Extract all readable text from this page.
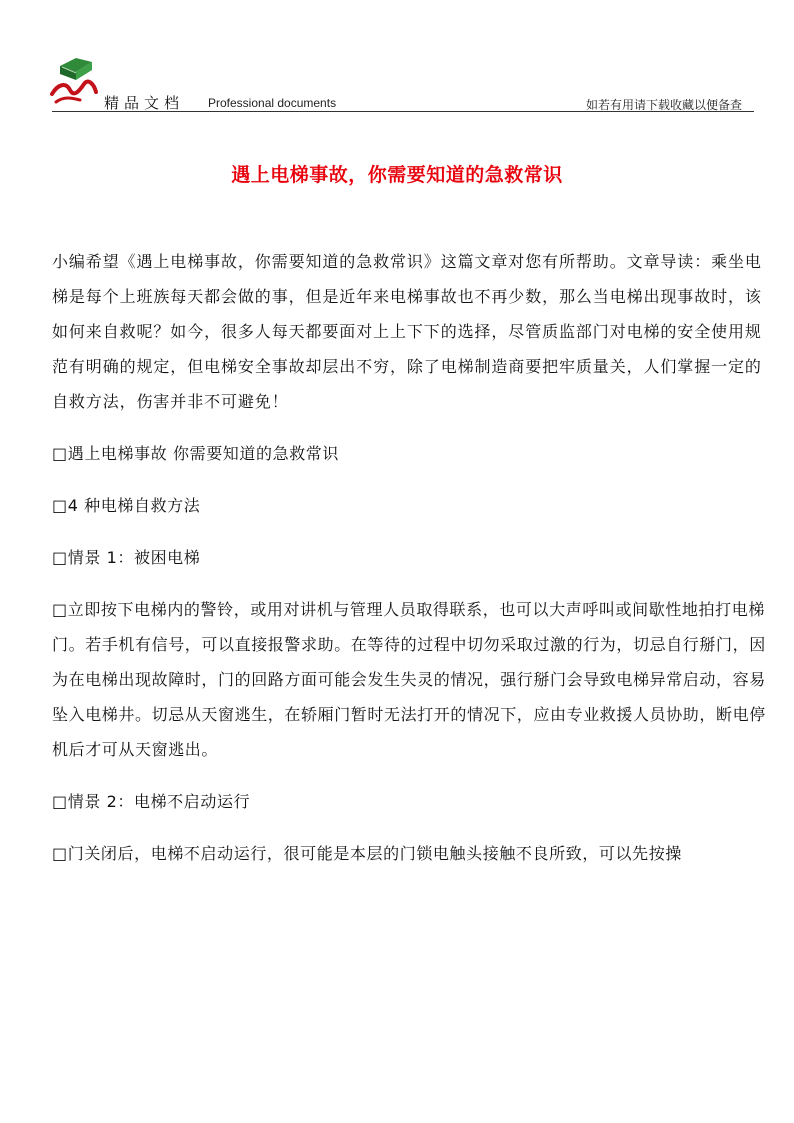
精品文档 Professional documents	如若有用请下载收藏以便备查
遇上电梯事故，你需要知道的急救常识

小编希望《遇上电梯事故，你需要知道的急救常识》这篇文章对您有所帮助。文章导读：乘坐电梯是每个上班族每天都会做的事，但是近年来电梯事故也不再少数，那么当电梯出现事故时，该如何来自救呢？如今，很多人每天都要面对上上下下的选择，尽管质监部门对电梯的安全使用规范有明确的规定，但电梯安全事故却层出不穷，除了电梯制造商要把牢质量关，人们掌握一定的自救方法，伤害并非不可避免！

□遇上电梯事故 你需要知道的急救常识

□4 种电梯自救方法

□情景 1：被困电梯

□立即按下电梯内的警铃，或用对讲机与管理人员取得联系，也可以大声呼叫或间歇性地拍打电梯门。若手机有信号，可以直接报警求助。在等待的过程中切勿采取过激的行为，切忌自行掰门，因为在电梯出现故障时，门的回路方面可能会发生失灵的情况，强行掰门会导致电梯异常启动，容易坠入电梯井。切忌从天窗逃生，在轿厢门暂时无法打开的情况下，应由专业救援人员协助，断电停机后才可从天窗逃出。

□情景 2：电梯不启动运行

□门关闭后，电梯不启动运行，很可能是本层的门锁电触头接触不良所致，可以先按操
